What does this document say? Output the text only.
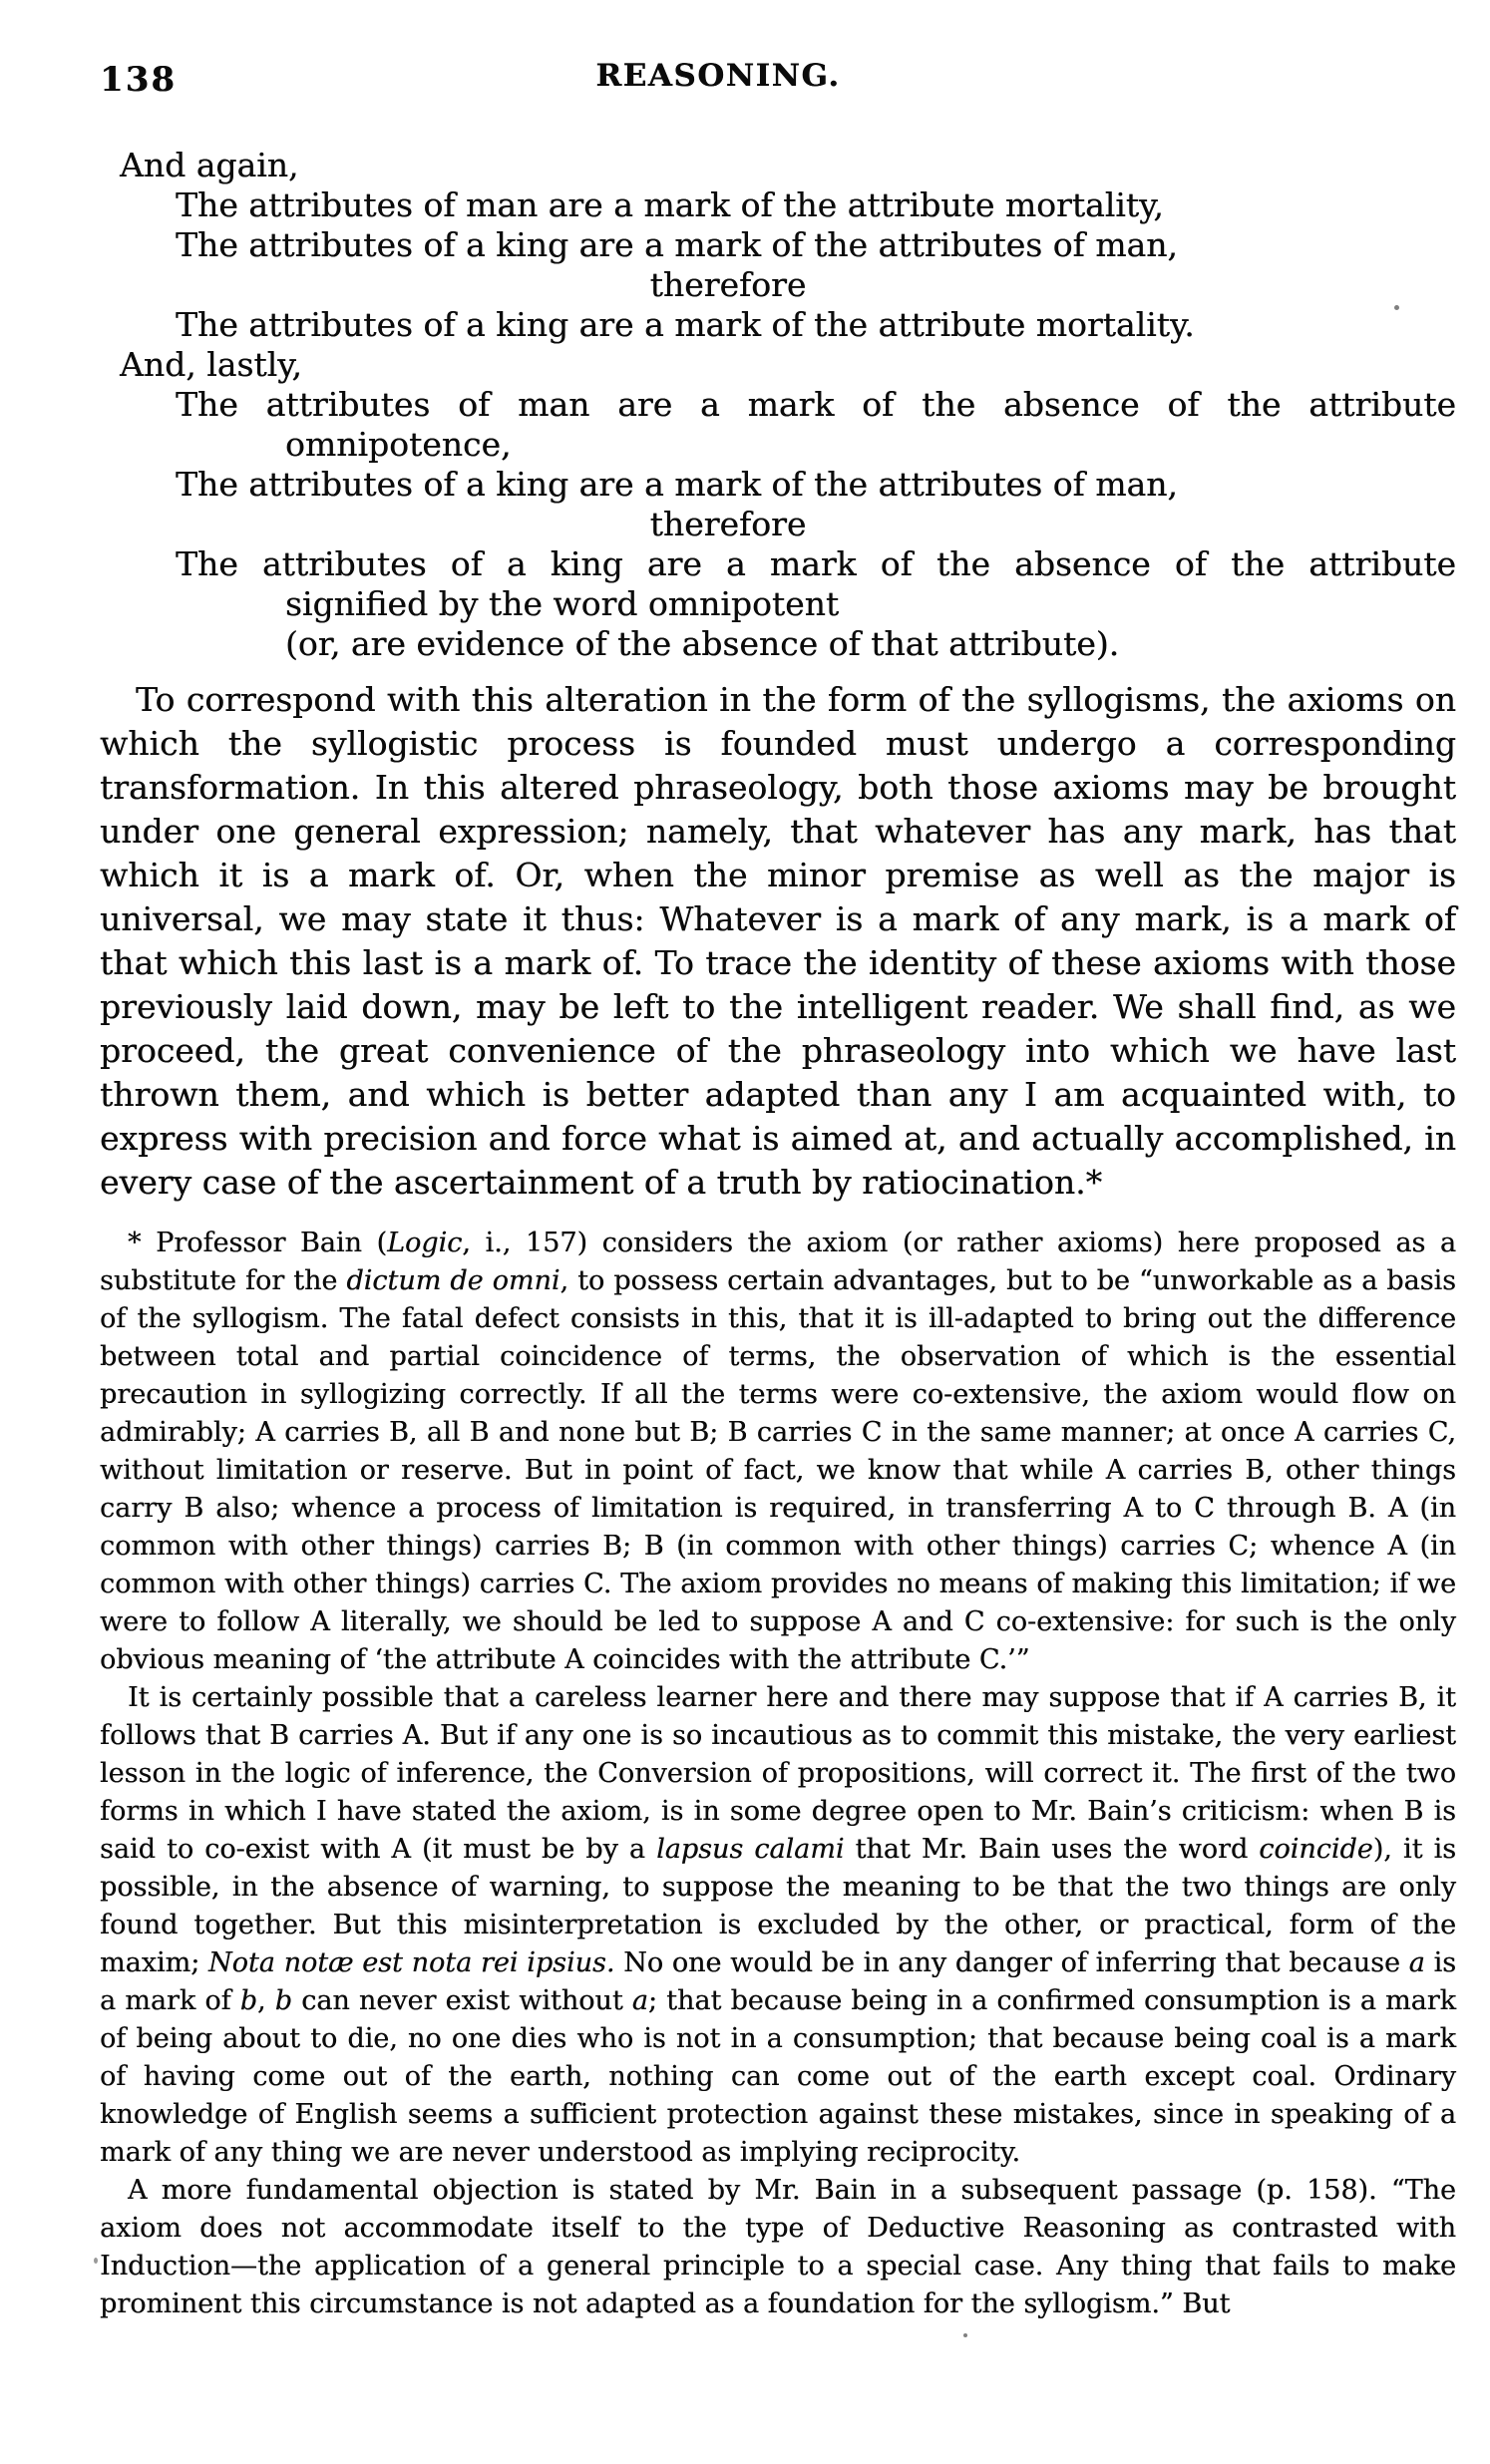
138	REASONING.
And again,
The attributes of man are a mark of the attribute mortality,
The attributes of a king are a mark of the attributes of man,
therefore
The attributes of a king are a mark of the attribute mortality.
And, lastly,
The attributes of man are a mark of the absence of the attribute
omnipotence,
The attributes of a king are a mark of the attributes of man,
therefore
The attributes of a king are a mark of the absence of the attribute
signified by the word omnipotent
(or, are evidence of the absence of that attribute).

To correspond with this alteration in the form of the syllogisms, the axioms on which the syllogistic process is founded must undergo a corresponding transformation. In this altered phraseology, both those axioms may be brought under one general expression; namely, that whatever has any mark, has that which it is a mark of. Or, when the minor premise as well as the major is universal, we may state it thus: Whatever is a mark of any mark, is a mark of that which this last is a mark of. To trace the identity of these axioms with those previously laid down, may be left to the intelligent reader. We shall find, as we proceed, the great convenience of the phraseology into which we have last thrown them, and which is better adapted than any I am acquainted with, to express with precision and force what is aimed at, and actually accomplished, in every case of the ascertainment of a truth by ratiocination.*

* Professor Bain (Logic, i., 157) considers the axiom (or rather axioms) here proposed as a substitute for the dictum de omni, to possess certain advantages, but to be “unworkable as a basis of the syllogism. The fatal defect consists in this, that it is ill-adapted to bring out the difference between total and partial coincidence of terms, the observation of which is the essential precaution in syllogizing correctly. If all the terms were co-extensive, the axiom would flow on admirably; A carries B, all B and none but B; B carries C in the same manner; at once A carries C, without limitation or reserve. But in point of fact, we know that while A carries B, other things carry B also; whence a process of limitation is required, in transferring A to C through B. A (in common with other things) carries B; B (in common with other things) carries C; whence A (in common with other things) carries C. The axiom provides no means of making this limitation; if we were to follow A literally, we should be led to suppose A and C co-extensive: for such is the only obvious meaning of ‘the attribute A coincides with the attribute C.’”

It is certainly possible that a careless learner here and there may suppose that if A carries B, it follows that B carries A. But if any one is so incautious as to commit this mistake, the very earliest lesson in the logic of inference, the Conversion of propositions, will correct it. The first of the two forms in which I have stated the axiom, is in some degree open to Mr. Bain’s criticism: when B is said to co-exist with A (it must be by a lapsus calami that Mr. Bain uses the word coincide), it is possible, in the absence of warning, to suppose the meaning to be that the two things are only found together. But this misinterpretation is excluded by the other, or practical, form of the maxim; Nota notæ est nota rei ipsius. No one would be in any danger of inferring that because a is a mark of b, b can never exist without a; that because being in a confirmed consumption is a mark of being about to die, no one dies who is not in a consumption; that because being coal is a mark of having come out of the earth, nothing can come out of the earth except coal. Ordinary knowledge of English seems a sufficient protection against these mistakes, since in speaking of a mark of any thing we are never understood as implying reciprocity.

A more fundamental objection is stated by Mr. Bain in a subsequent passage (p. 158). “The axiom does not accommodate itself to the type of Deductive Reasoning as contrasted with Induction—the application of a general principle to a special case. Any thing that fails to make prominent this circumstance is not adapted as a foundation for the syllogism.” But
